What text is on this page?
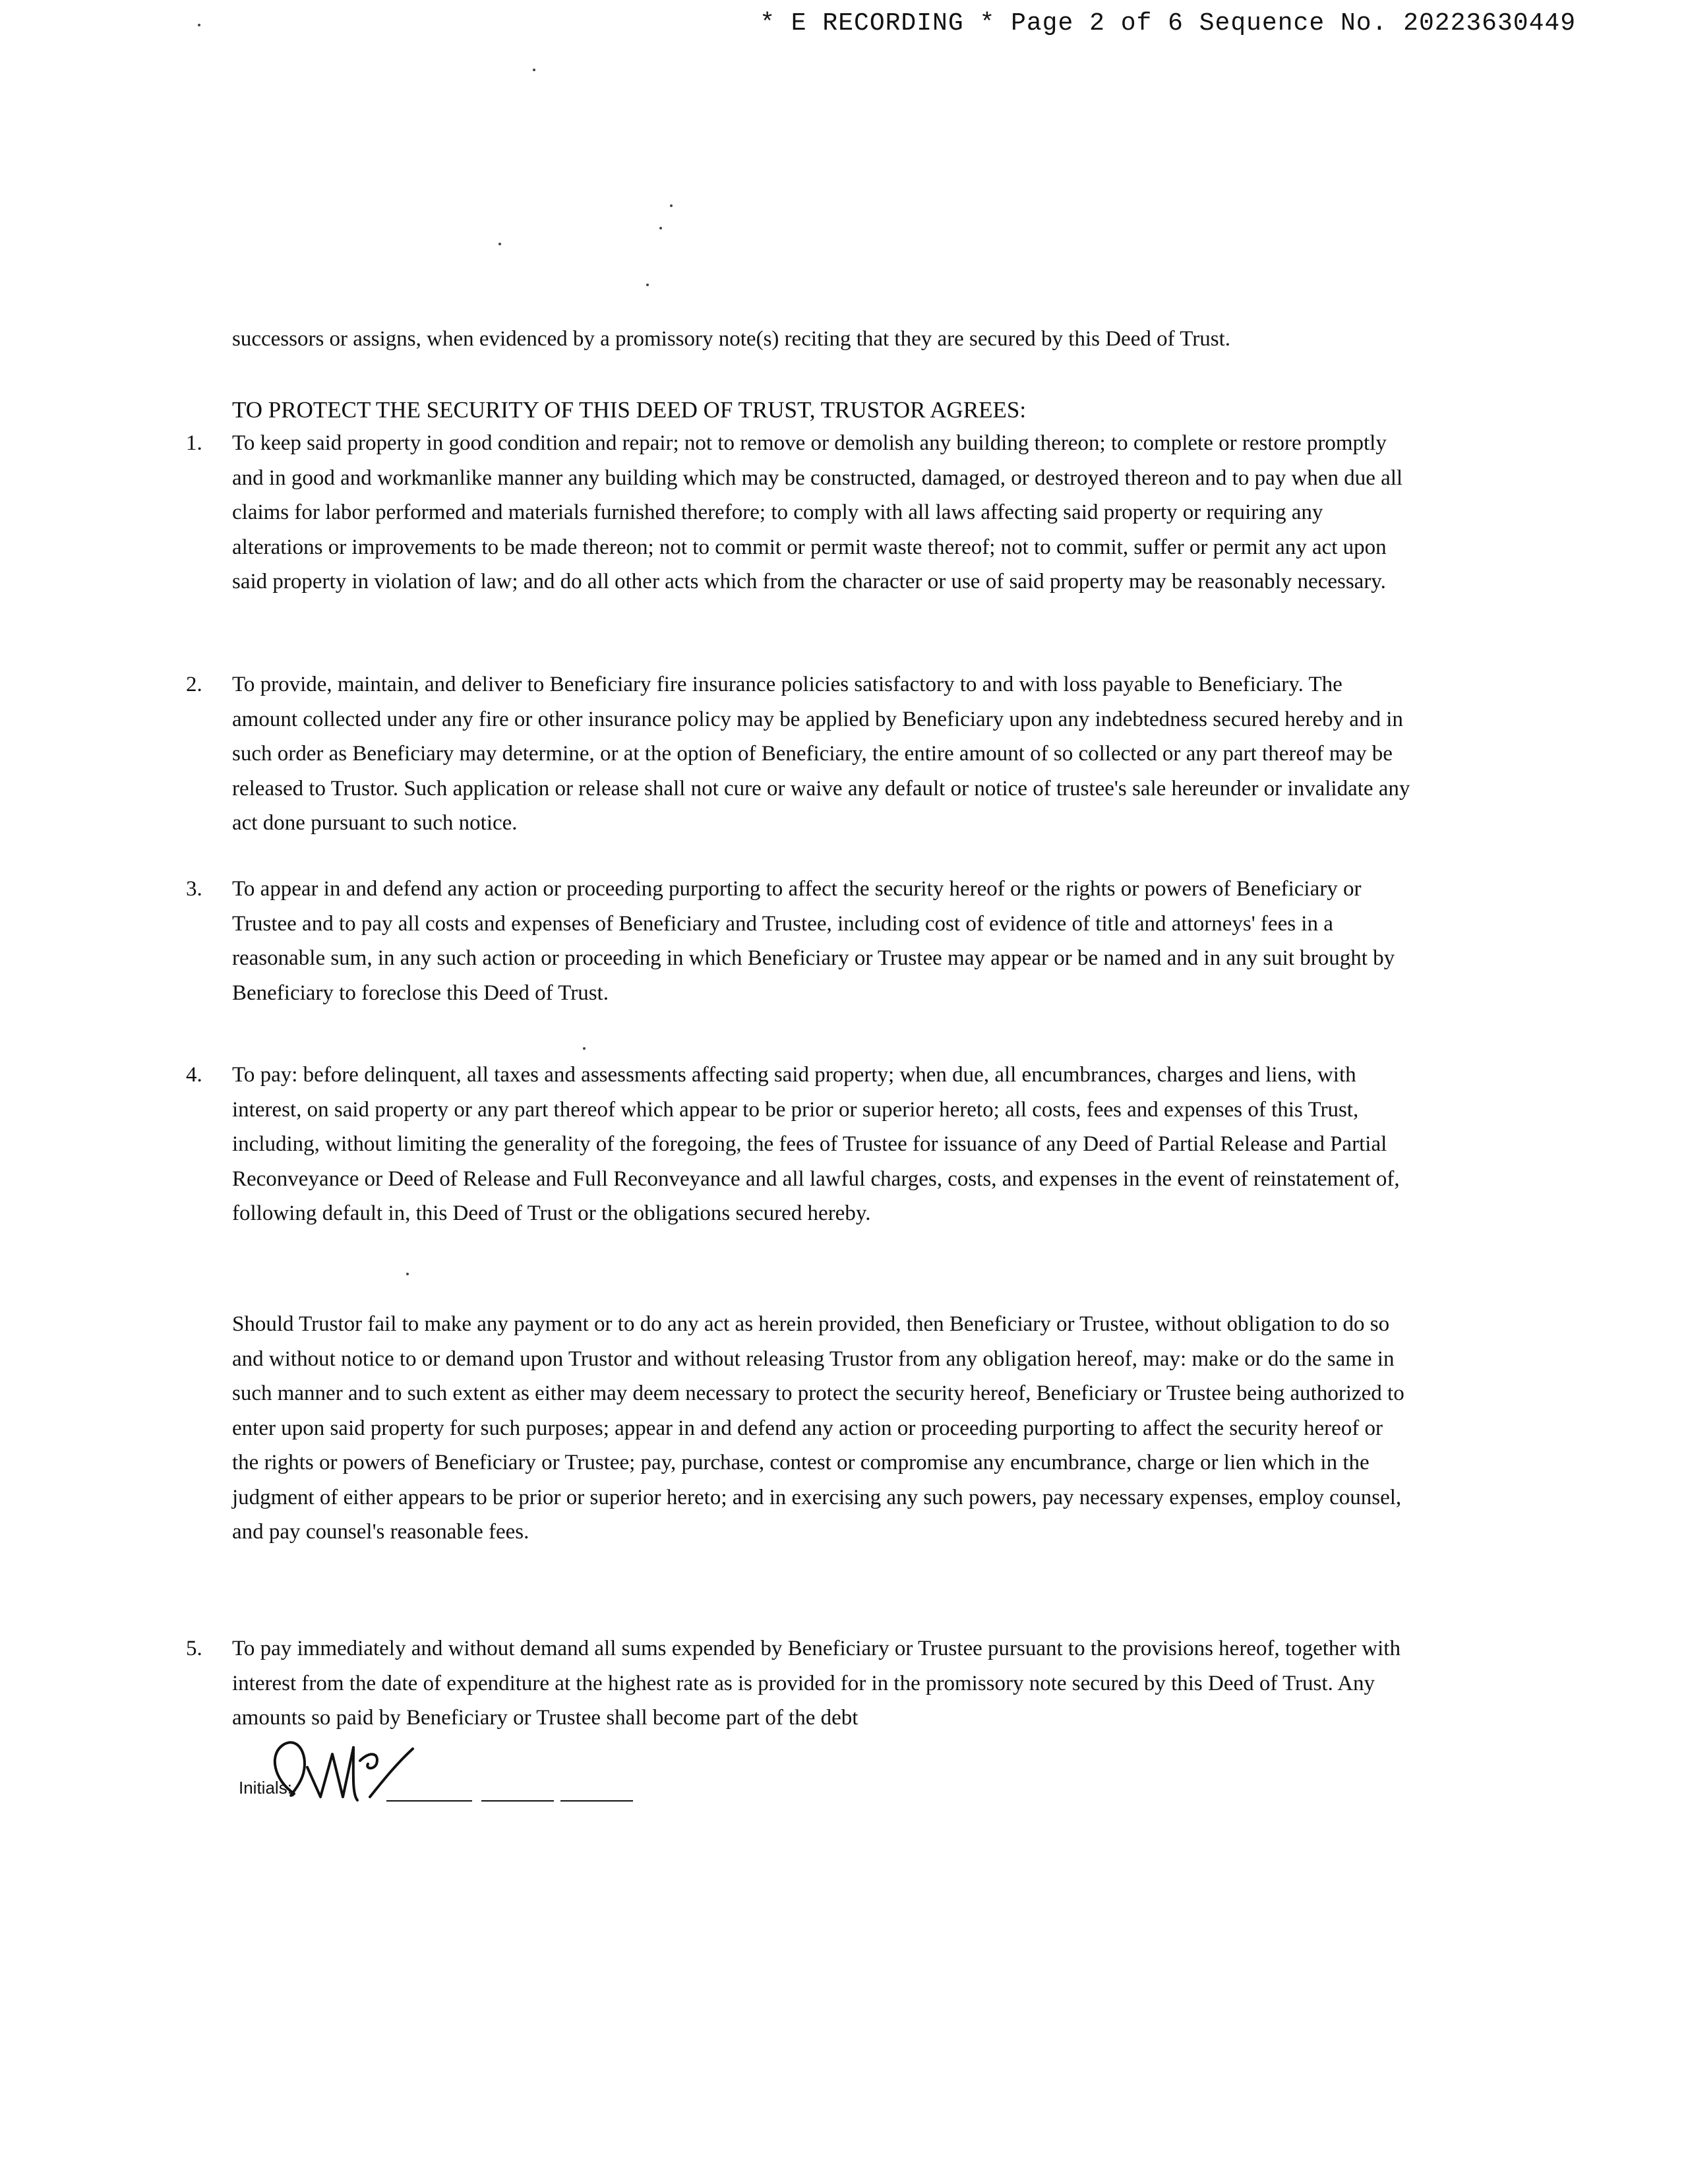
* E RECORDING * Page 2 of 6 Sequence No. 20223630449
successors or assigns, when evidenced by a promissory note(s) reciting that they are secured by this Deed of Trust.
TO PROTECT THE SECURITY OF THIS DEED OF TRUST, TRUSTOR AGREES:
1. To keep said property in good condition and repair; not to remove or demolish any building thereon; to complete or restore promptly and in good and workmanlike manner any building which may be constructed, damaged, or destroyed thereon and to pay when due all claims for labor performed and materials furnished therefore; to comply with all laws affecting said property or requiring any alterations or improvements to be made thereon; not to commit or permit waste thereof; not to commit, suffer or permit any act upon said property in violation of law; and do all other acts which from the character or use of said property may be reasonably necessary.
2. To provide, maintain, and deliver to Beneficiary fire insurance policies satisfactory to and with loss payable to Beneficiary. The amount collected under any fire or other insurance policy may be applied by Beneficiary upon any indebtedness secured hereby and in such order as Beneficiary may determine, or at the option of Beneficiary, the entire amount of so collected or any part thereof may be released to Trustor. Such application or release shall not cure or waive any default or notice of trustee's sale hereunder or invalidate any act done pursuant to such notice.
3. To appear in and defend any action or proceeding purporting to affect the security hereof or the rights or powers of Beneficiary or Trustee and to pay all costs and expenses of Beneficiary and Trustee, including cost of evidence of title and attorneys' fees in a reasonable sum, in any such action or proceeding in which Beneficiary or Trustee may appear or be named and in any suit brought by Beneficiary to foreclose this Deed of Trust.
4. To pay: before delinquent, all taxes and assessments affecting said property; when due, all encumbrances, charges and liens, with interest, on said property or any part thereof which appear to be prior or superior hereto; all costs, fees and expenses of this Trust, including, without limiting the generality of the foregoing, the fees of Trustee for issuance of any Deed of Partial Release and Partial Reconveyance or Deed of Release and Full Reconveyance and all lawful charges, costs, and expenses in the event of reinstatement of, following default in, this Deed of Trust or the obligations secured hereby.
Should Trustor fail to make any payment or to do any act as herein provided, then Beneficiary or Trustee, without obligation to do so and without notice to or demand upon Trustor and without releasing Trustor from any obligation hereof, may: make or do the same in such manner and to such extent as either may deem necessary to protect the security hereof, Beneficiary or Trustee being authorized to enter upon said property for such purposes; appear in and defend any action or proceeding purporting to affect the security hereof or the rights or powers of Beneficiary or Trustee; pay, purchase, contest or compromise any encumbrance, charge or lien which in the judgment of either appears to be prior or superior hereto; and in exercising any such powers, pay necessary expenses, employ counsel, and pay counsel's reasonable fees.
5. To pay immediately and without demand all sums expended by Beneficiary or Trustee pursuant to the provisions hereof, together with interest from the date of expenditure at the highest rate as is provided for in the promissory note secured by this Deed of Trust. Any amounts so paid by Beneficiary or Trustee shall become part of the debt
Initials:
